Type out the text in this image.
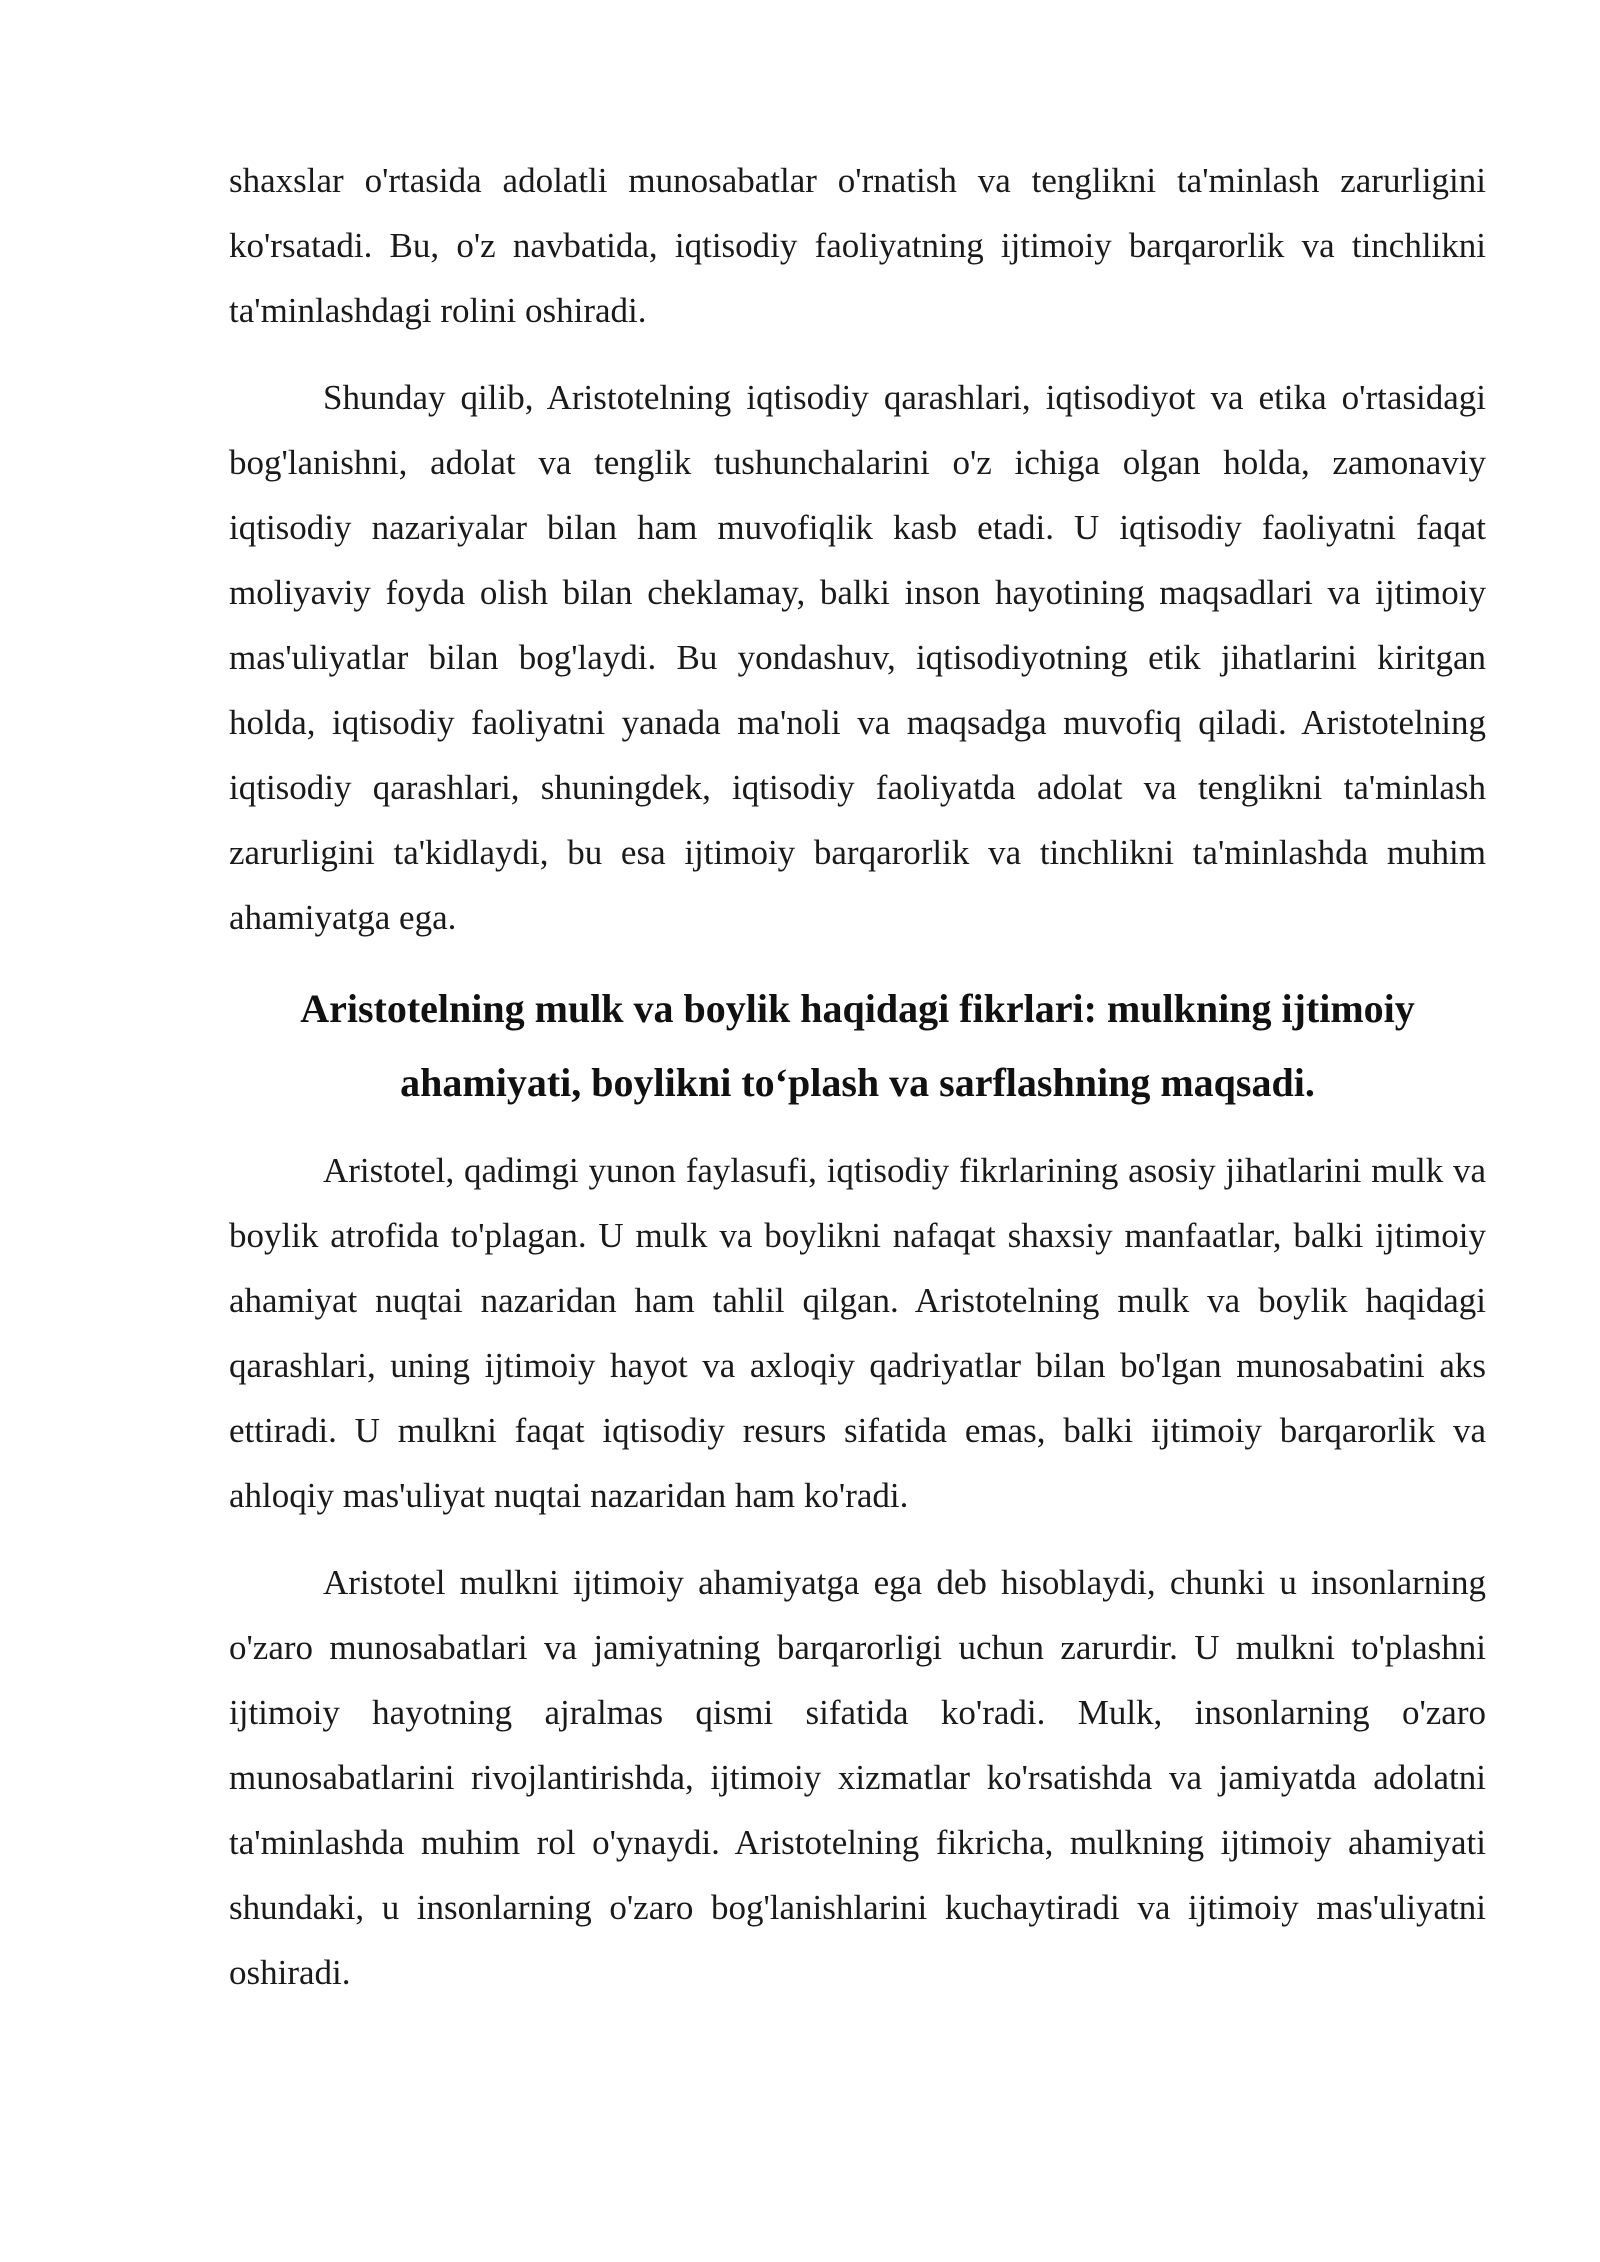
shaxslar o'rtasida adolatli munosabatlar o'rnatish va tenglikni ta'minlash zarurligini ko'rsatadi. Bu, o'z navbatida, iqtisodiy faoliyatning ijtimoiy barqarorlik va tinchlikni ta'minlashdagi rolini oshiradi.

Shunday qilib, Aristotelning iqtisodiy qarashlari, iqtisodiyot va etika o'rtasidagi bog'lanishni, adolat va tenglik tushunchalarini o'z ichiga olgan holda, zamonaviy iqtisodiy nazariyalar bilan ham muvofiqlik kasb etadi. U iqtisodiy faoliyatni faqat moliyaviy foyda olish bilan cheklamay, balki inson hayotining maqsadlari va ijtimoiy mas'uliyatlar bilan bog'laydi. Bu yondashuv, iqtisodiyotning etik jihatlarini kiritgan holda, iqtisodiy faoliyatni yanada ma'noli va maqsadga muvofiq qiladi. Aristotelning iqtisodiy qarashlari, shuningdek, iqtisodiy faoliyatda adolat va tenglikni ta'minlash zarurligini ta'kidlaydi, bu esa ijtimoiy barqarorlik va tinchlikni ta'minlashda muhim ahamiyatga ega.

Aristotelning mulk va boylik haqidagi fikrlari: mulkning ijtimoiy ahamiyati, boylikni to‘plash va sarflashning maqsadi.

Aristotel, qadimgi yunon faylasufi, iqtisodiy fikrlarining asosiy jihatlarini mulk va boylik atrofida to'plagan. U mulk va boylikni nafaqat shaxsiy manfaatlar, balki ijtimoiy ahamiyat nuqtai nazaridan ham tahlil qilgan. Aristotelning mulk va boylik haqidagi qarashlari, uning ijtimoiy hayot va axloqiy qadriyatlar bilan bo'lgan munosabatini aks ettiradi. U mulkni faqat iqtisodiy resurs sifatida emas, balki ijtimoiy barqarorlik va ahloqiy mas'uliyat nuqtai nazaridan ham ko'radi.

Aristotel mulkni ijtimoiy ahamiyatga ega deb hisoblaydi, chunki u insonlarning o'zaro munosabatlari va jamiyatning barqarorligi uchun zarurdir. U mulkni to'plashni ijtimoiy hayotning ajralmas qismi sifatida ko'radi. Mulk, insonlarning o'zaro munosabatlarini rivojlantirishda, ijtimoiy xizmatlar ko'rsatishda va jamiyatda adolatni ta'minlashda muhim rol o'ynaydi. Aristotelning fikricha, mulkning ijtimoiy ahamiyati shundaki, u insonlarning o'zaro bog'lanishlarini kuchaytiradi va ijtimoiy mas'uliyatni oshiradi.
